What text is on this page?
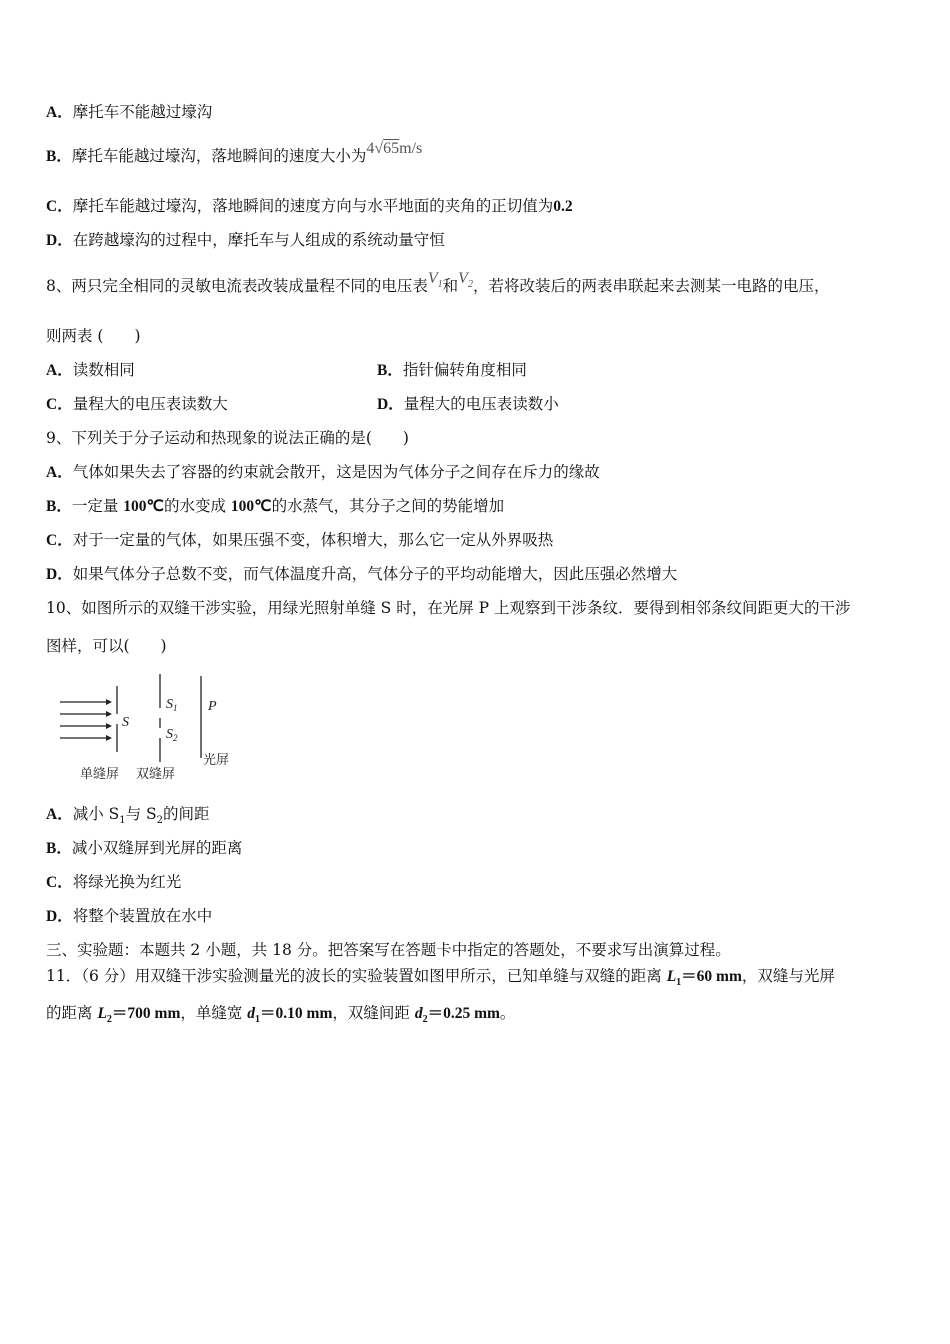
A．摩托车不能越过壕沟
B．摩托车能越过壕沟，落地瞬间的速度大小为4√65m/s
C．摩托车能越过壕沟，落地瞬间的速度方向与水平地面的夹角的正切值为0.2
D．在跨越壕沟的过程中，摩托车与人组成的系统动量守恒
8、两只完全相同的灵敏电流表改装成量程不同的电压表$V_1$和$V_2$，若将改装后的两表串联起来去测某一电路的电压，
则两表 (　　)
A．读数相同	B．指针偏转角度相同
C．量程大的电压表读数大	D．量程大的电压表读数小
9、下列关于分子运动和热现象的说法正确的是(　　)
A．气体如果失去了容器的约束就会散开，这是因为气体分子之间存在斥力的缘故
B．一定量 100℃的水变成 100℃的水蒸气，其分子之间的势能增加
C．对于一定量的气体，如果压强不变，体积增大，那么它一定从外界吸热
D．如果气体分子总数不变，而气体温度升高，气体分子的平均动能增大，因此压强必然增大
10、如图所示的双缝干涉实验，用绿光照射单缝 S 时，在光屏 P 上观察到干涉条纹．要得到相邻条纹间距更大的干涉
图样，可以(　　)
S
$S_1$
$S_2$
P
单缝屏 双缝屏
光屏
A．减小 $S_1$与 $S_2$的间距
B．减小双缝屏到光屏的距离
C．将绿光换为红光
D．将整个装置放在水中
三、实验题：本题共 2 小题，共 18 分。把答案写在答题卡中指定的答题处，不要求写出演算过程。
11．（6 分）用双缝干涉实验测量光的波长的实验装置如图甲所示，已知单缝与双缝的距离 $L_1=60$ mm，双缝与光屏
的距离 $L_2=700$ mm，单缝宽 $d_1=0.10$ mm，双缝间距 $d_2=0.25$ mm。
